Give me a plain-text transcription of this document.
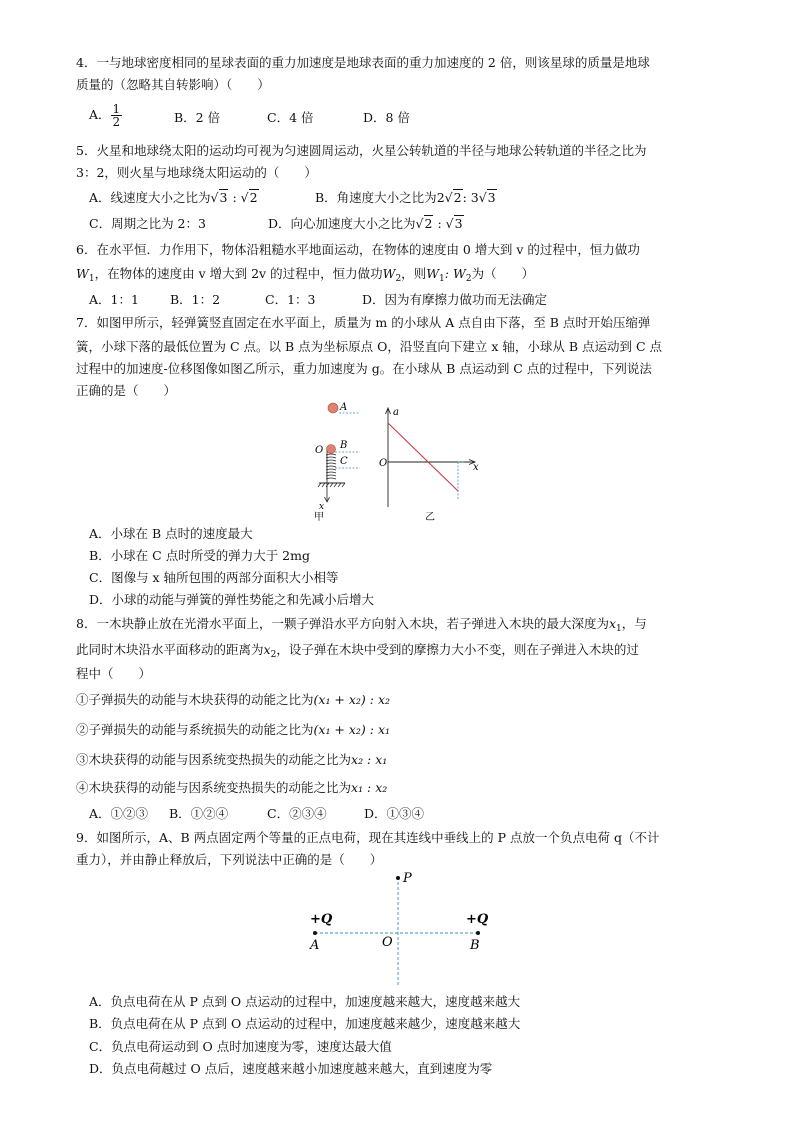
4．一与地球密度相同的星球表面的重力加速度是地球表面的重力加速度的 2 倍，则该星球的质量是地球
质量的（忽略其自转影响）（　　）
A． $\frac{1}{2}$	B．2 倍	C．4 倍	D．8 倍
5．火星和地球绕太阳的运动均可视为匀速圆周运动，火星公转轨道的半径与地球公转轨道的半径之比为
3：2，则火星与地球绕太阳运动的（　　）
A．线速度大小之比为√3 : √2	B．角速度大小之比为2√2: 3√3
C．周期之比为 2：3	D．向心加速度大小之比为√2 : √3
6．在水平恒．力作用下，物体沿粗糙水平地面运动，在物体的速度由 0 增大到 v 的过程中，恒力做功
$W_1$，在物体的速度由 v 增大到 2v 的过程中，恒力做功$W_2$，则$W_1$: $W_2$为（　　）
A．1：1 B．1：2	C．1：3	D．因为有摩擦力做功而无法确定
7．如图甲所示，轻弹簧竖直固定在水平面上，质量为 m 的小球从 A 点自由下落，至 B 点时开始压缩弹
簧，小球下落的最低位置为 C 点。以 B 点为坐标原点 O，沿竖直向下建立 x 轴，小球从 B 点运动到 C 点
过程中的加速度-位移图像如图乙所示，重力加速度为 g。在小球从 B 点运动到 C 点的过程中，下列说法
正确的是（　　）
A
O B
C
x
甲
a
x
O
乙
A．小球在 B 点时的速度最大
B．小球在 C 点时所受的弹力大于 2mg
C．图像与 x 轴所包围的两部分面积大小相等
D．小球的动能与弹簧的弹性势能之和先减小后增大
8．一木块静止放在光滑水平面上，一颗子弹沿水平方向射入木块，若子弹进入木块的最大深度为$x_1$，与
此同时木块沿水平面移动的距离为$x_2$，设子弹在木块中受到的摩擦力大小不变，则在子弹进入木块的过
程中（　　）
①子弹损失的动能与木块获得的动能之比为(x₁ + x₂) : x₂
②子弹损失的动能与系统损失的动能之比为(x₁ + x₂) : x₁
③木块获得的动能与因系统变热损失的动能之比为x₂ : x₁
④木块获得的动能与因系统变热损失的动能之比为x₁ : x₂
A．①②③ B．①②④	C．②③④	D．①③④
9．如图所示，A、B 两点固定两个等量的正点电荷，现在其连线中垂线上的 P 点放一个负点电荷 q（不计
重力），并由静止释放后，下列说法中正确的是（　　）
P
+Q	+Q
A	O	B
A．负点电荷在从 P 点到 O 点运动的过程中，加速度越来越大，速度越来越大
B．负点电荷在从 P 点到 O 点运动的过程中，加速度越来越少，速度越来越大
C．负点电荷运动到 O 点时加速度为零，速度达最大值
D．负点电荷越过 O 点后，速度越来越小加速度越来越大，直到速度为零
